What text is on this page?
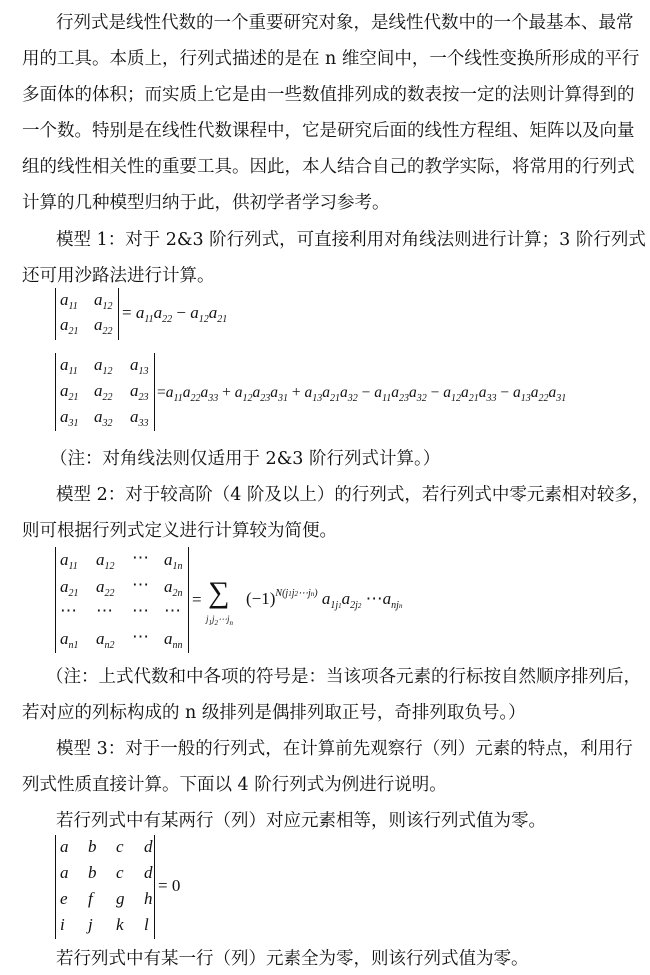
行列式是线性代数的一个重要研究对象，是线性代数中的一个最基本、最常
用的工具。本质上，行列式描述的是在 n 维空间中，一个线性变换所形成的平行
多面体的体积；而实质上它是由一些数值排列成的数表按一定的法则计算得到的
一个数。特别是在线性代数课程中，它是研究后面的线性方程组、矩阵以及向量
组的线性相关性的重要工具。因此，本人结合自己的教学实际，将常用的行列式
计算的几种模型归纳于此，供初学者学习参考。
模型 1：对于 2&3 阶行列式，可直接利用对角线法则进行计算；3 阶行列式
还可用沙路法进行计算。
$a_{11}$ $a_{12}$
$a_{21}$ $a_{22}$
= $a_{11}a_{22} - a_{12}a_{21}$
$a_{11}$ $a_{12}$ $a_{13}$
$a_{21}$ $a_{22}$ $a_{23}$
$a_{31}$ $a_{32}$ $a_{33}$
$=a_{11}a_{22}a_{33} + a_{12}a_{23}a_{31} + a_{13}a_{21}a_{32} - a_{11}a_{23}a_{32} - a_{12}a_{21}a_{33} - a_{13}a_{22}a_{31}$
（注：对角线法则仅适用于 2&3 阶行列式计算。）
模型 2：对于较高阶（4 阶及以上）的行列式，若行列式中零元素相对较多，
则可根据行列式定义进行计算较为简便。
$a_{11}$ $a_{12}$ ⋯ $a_{1n}$
$a_{21}$ $a_{22}$ ⋯ $a_{2n}$
⋯ ⋯ ⋯ ⋯
$a_{n1}$ $a_{n2}$ ⋯ $a_{nn}$
= ∑
$j_1j_2\cdots j_n$
$(-1)^{N(j1j2\cdots jn)}$ $a_{1j1}a_{2j2}$ $\cdots a_{njn}$
（注：上式代数和中各项的符号是：当该项各元素的行标按自然顺序排列后，
若对应的列标构成的 n 级排列是偶排列取正号，奇排列取负号。）
模型 3：对于一般的行列式，在计算前先观察行（列）元素的特点，利用行
列式性质直接计算。下面以 4 阶行列式为例进行说明。
若行列式中有某两行（列）对应元素相等，则该行列式值为零。
a b c d
a b c d
e f g h
i j k l
= 0
若行列式中有某一行（列）元素全为零，则该行列式值为零。
